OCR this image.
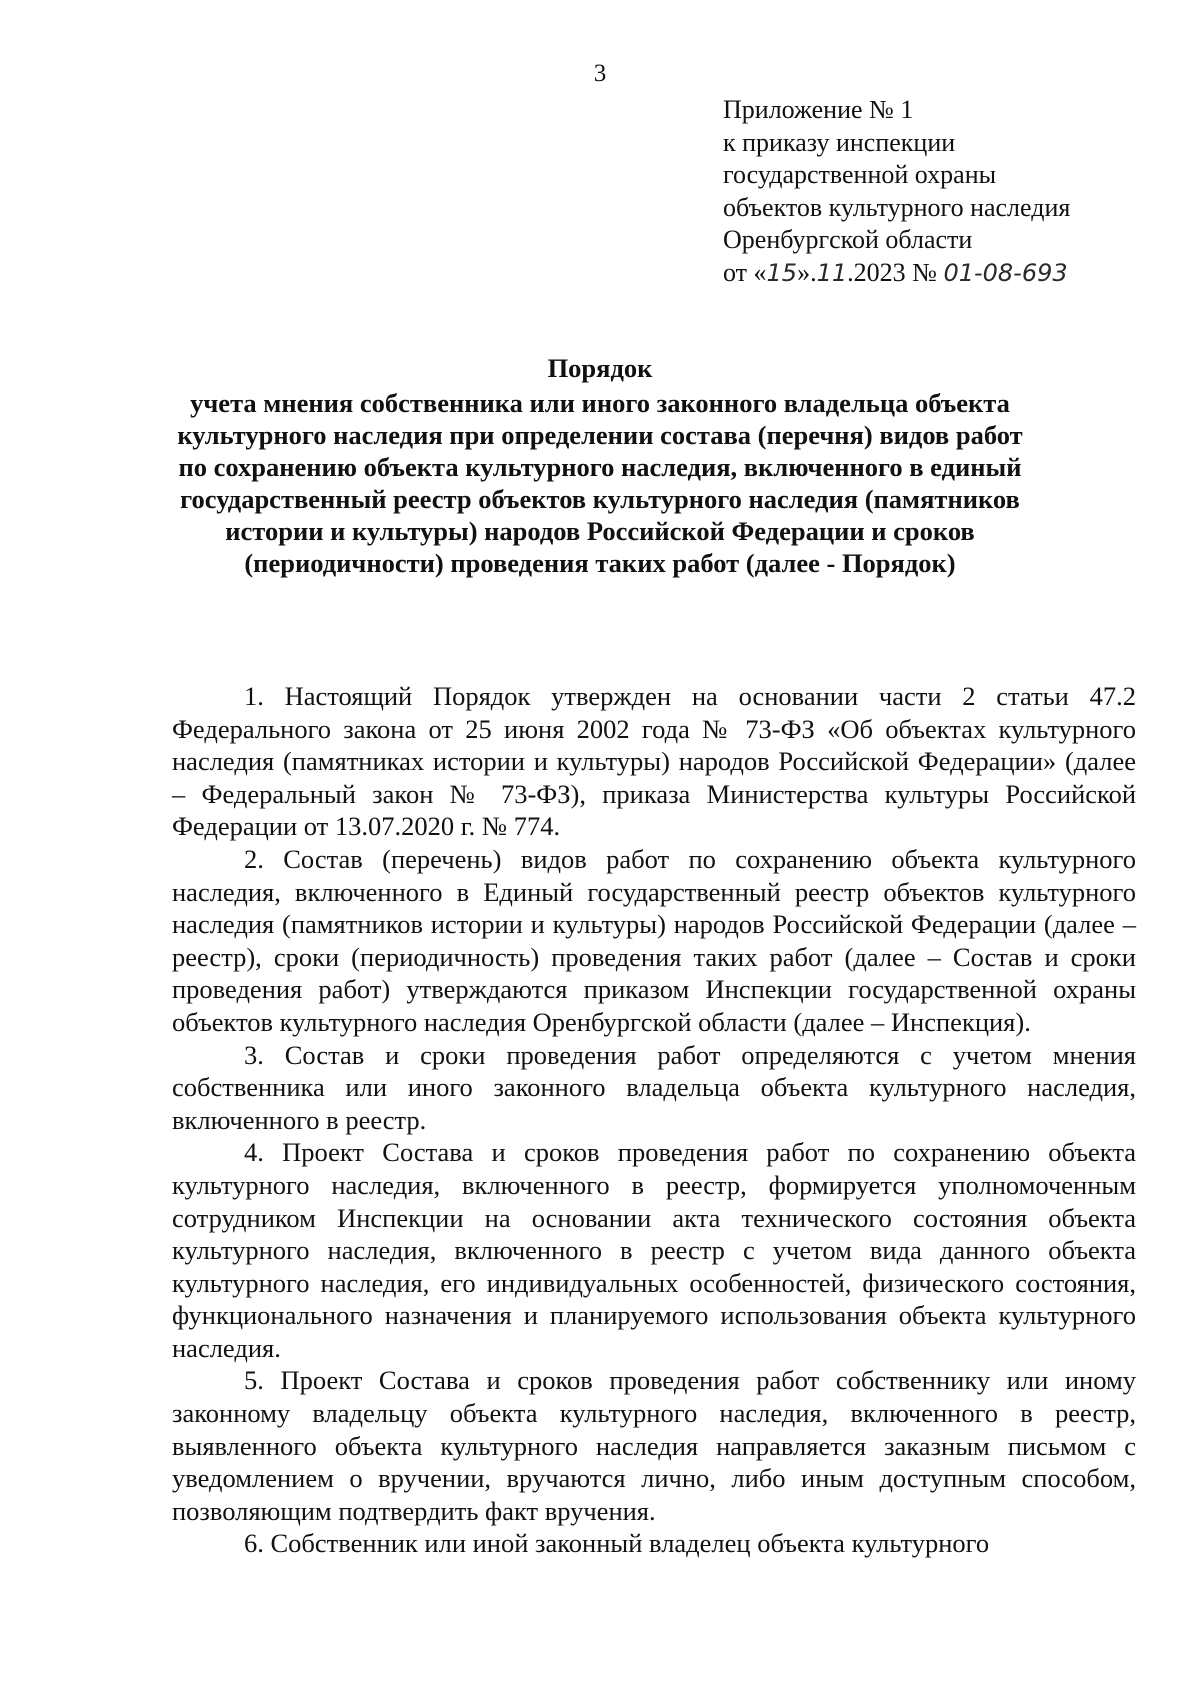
3
Приложение № 1
к приказу инспекции
государственной охраны
объектов культурного наследия
Оренбургской области
от «15».11.2023 № 01-08-693
Порядок
учета мнения собственника или иного законного владельца объекта культурного наследия при определении состава (перечня) видов работ по сохранению объекта культурного наследия, включенного в единый государственный реестр объектов культурного наследия (памятников истории и культуры) народов Российской Федерации и сроков (периодичности) проведения таких работ (далее - Порядок)

1. Настоящий Порядок утвержден на основании части 2 статьи 47.2 Федерального закона от 25 июня 2002 года № 73-ФЗ «Об объектах культурного наследия (памятниках истории и культуры) народов Российской Федерации» (далее – Федеральный закон № 73-ФЗ), приказа Министерства культуры Российской Федерации от 13.07.2020 г. № 774.

2. Состав (перечень) видов работ по сохранению объекта культурного наследия, включенного в Единый государственный реестр объектов культурного наследия (памятников истории и культуры) народов Российской Федерации (далее – реестр), сроки (периодичность) проведения таких работ (далее – Состав и сроки проведения работ) утверждаются приказом Инспекции государственной охраны объектов культурного наследия Оренбургской области (далее – Инспекция).

3. Состав и сроки проведения работ определяются с учетом мнения собственника или иного законного владельца объекта культурного наследия, включенного в реестр.

4. Проект Состава и сроков проведения работ по сохранению объекта культурного наследия, включенного в реестр, формируется уполномоченным сотрудником Инспекции на основании акта технического состояния объекта культурного наследия, включенного в реестр с учетом вида данного объекта культурного наследия, его индивидуальных особенностей, физического состояния, функционального назначения и планируемого использования объекта культурного наследия.

5. Проект Состава и сроков проведения работ собственнику или иному законному владельцу объекта культурного наследия, включенного в реестр, выявленного объекта культурного наследия направляется заказным письмом с уведомлением о вручении, вручаются лично, либо иным доступным способом, позволяющим подтвердить факт вручения.

6. Собственник или иной законный владелец объекта культурного
